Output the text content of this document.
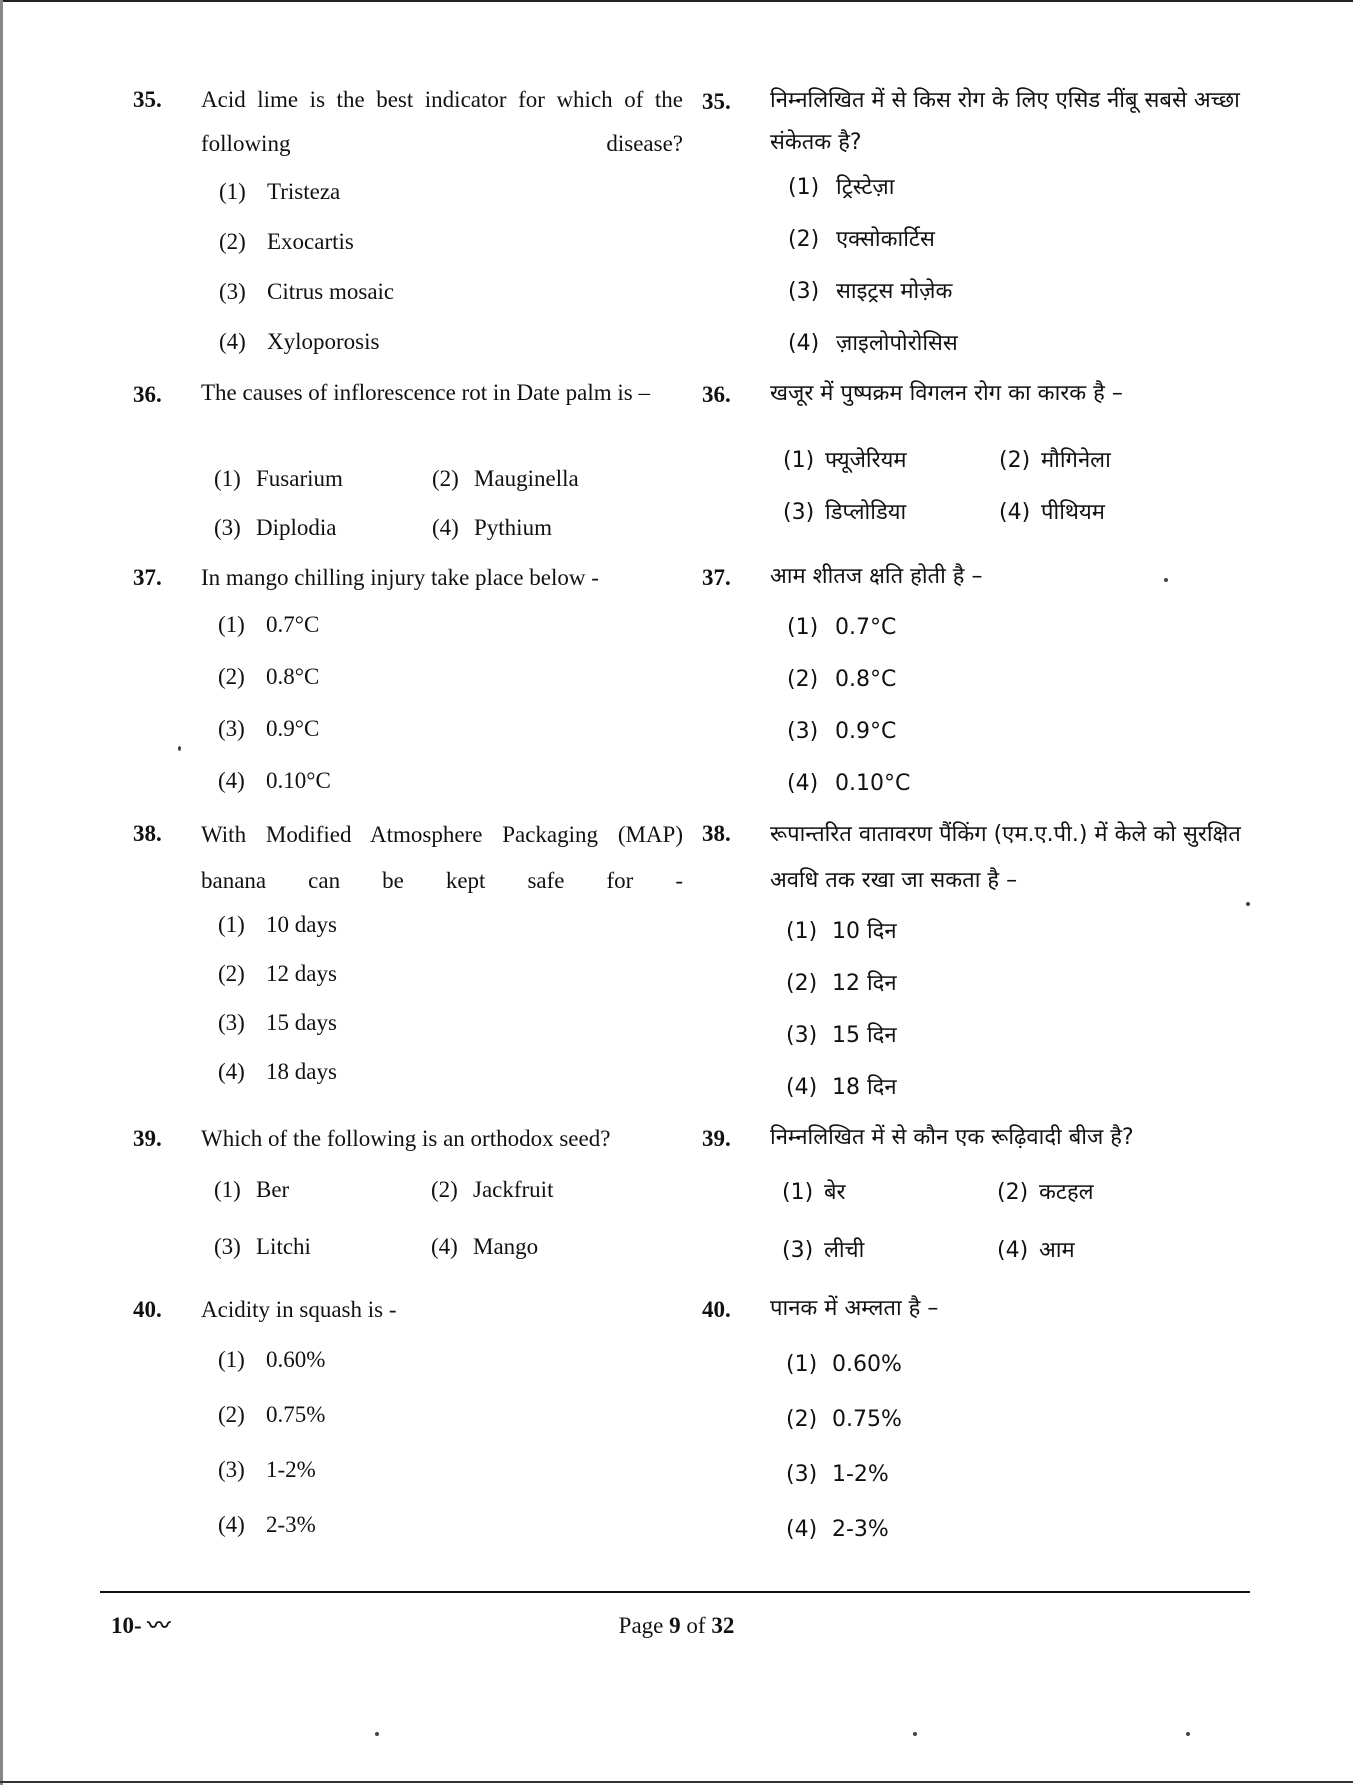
35. Acid lime is the best indicator for which of the following disease?
(1) Tristeza
(2) Exocartis
(3) Citrus mosaic
(4) Xyloporosis
36. The causes of inflorescence rot in Date palm is –
(1) Fusarium	(2) Mauginella
(3) Diplodia	(4) Pythium
37. In mango chilling injury take place below -
(1) 0.7°C
(2) 0.8°C
(3) 0.9°C
(4) 0.10°C
38. With Modified Atmosphere Packaging (MAP) banana can be kept safe for -
(1) 10 days
(2) 12 days
(3) 15 days
(4) 18 days
39. Which of the following is an orthodox seed?
(1) Ber	(2) Jackfruit
(3) Litchi	(4) Mango
40. Acidity in squash is -
(1) 0.60%
(2) 0.75%
(3) 1-2%
(4) 2-3%
35. निम्नलिखित में से किस रोग के लिए एसिड नींबू सबसे अच्छा संकेतक है?
(1) ट्रिस्टेज़ा
(2) एक्सोकार्टिस
(3) साइट्रस मोज़ेक
(4) ज़ाइलोपोरोसिस
36. खजूर में पुष्पक्रम विगलन रोग का कारक है –
(1) फ्यूजेरियम	(2) मौगिनेला
(3) डिप्लोडिया	(4) पीथियम
37. आम शीतज क्षति होती है –
(1) 0.7°C
(2) 0.8°C
(3) 0.9°C
(4) 0.10°C
38. रूपान्तरित वातावरण पैंकिंग (एम.ए.पी.) में केले को सुरक्षित अवधि तक रखा जा सकता है –
(1) 10 दिन
(2) 12 दिन
(3) 15 दिन
(4) 18 दिन
39. निम्नलिखित में से कौन एक रूढ़िवादी बीज है?
(1) बेर	(2) कटहल
(3) लीची	(4) आम
40. पानक में अम्लता है –
(1) 0.60%
(2) 0.75%
(3) 1-2%
(4) 2-3%
10- 〰	Page 9 of 32
